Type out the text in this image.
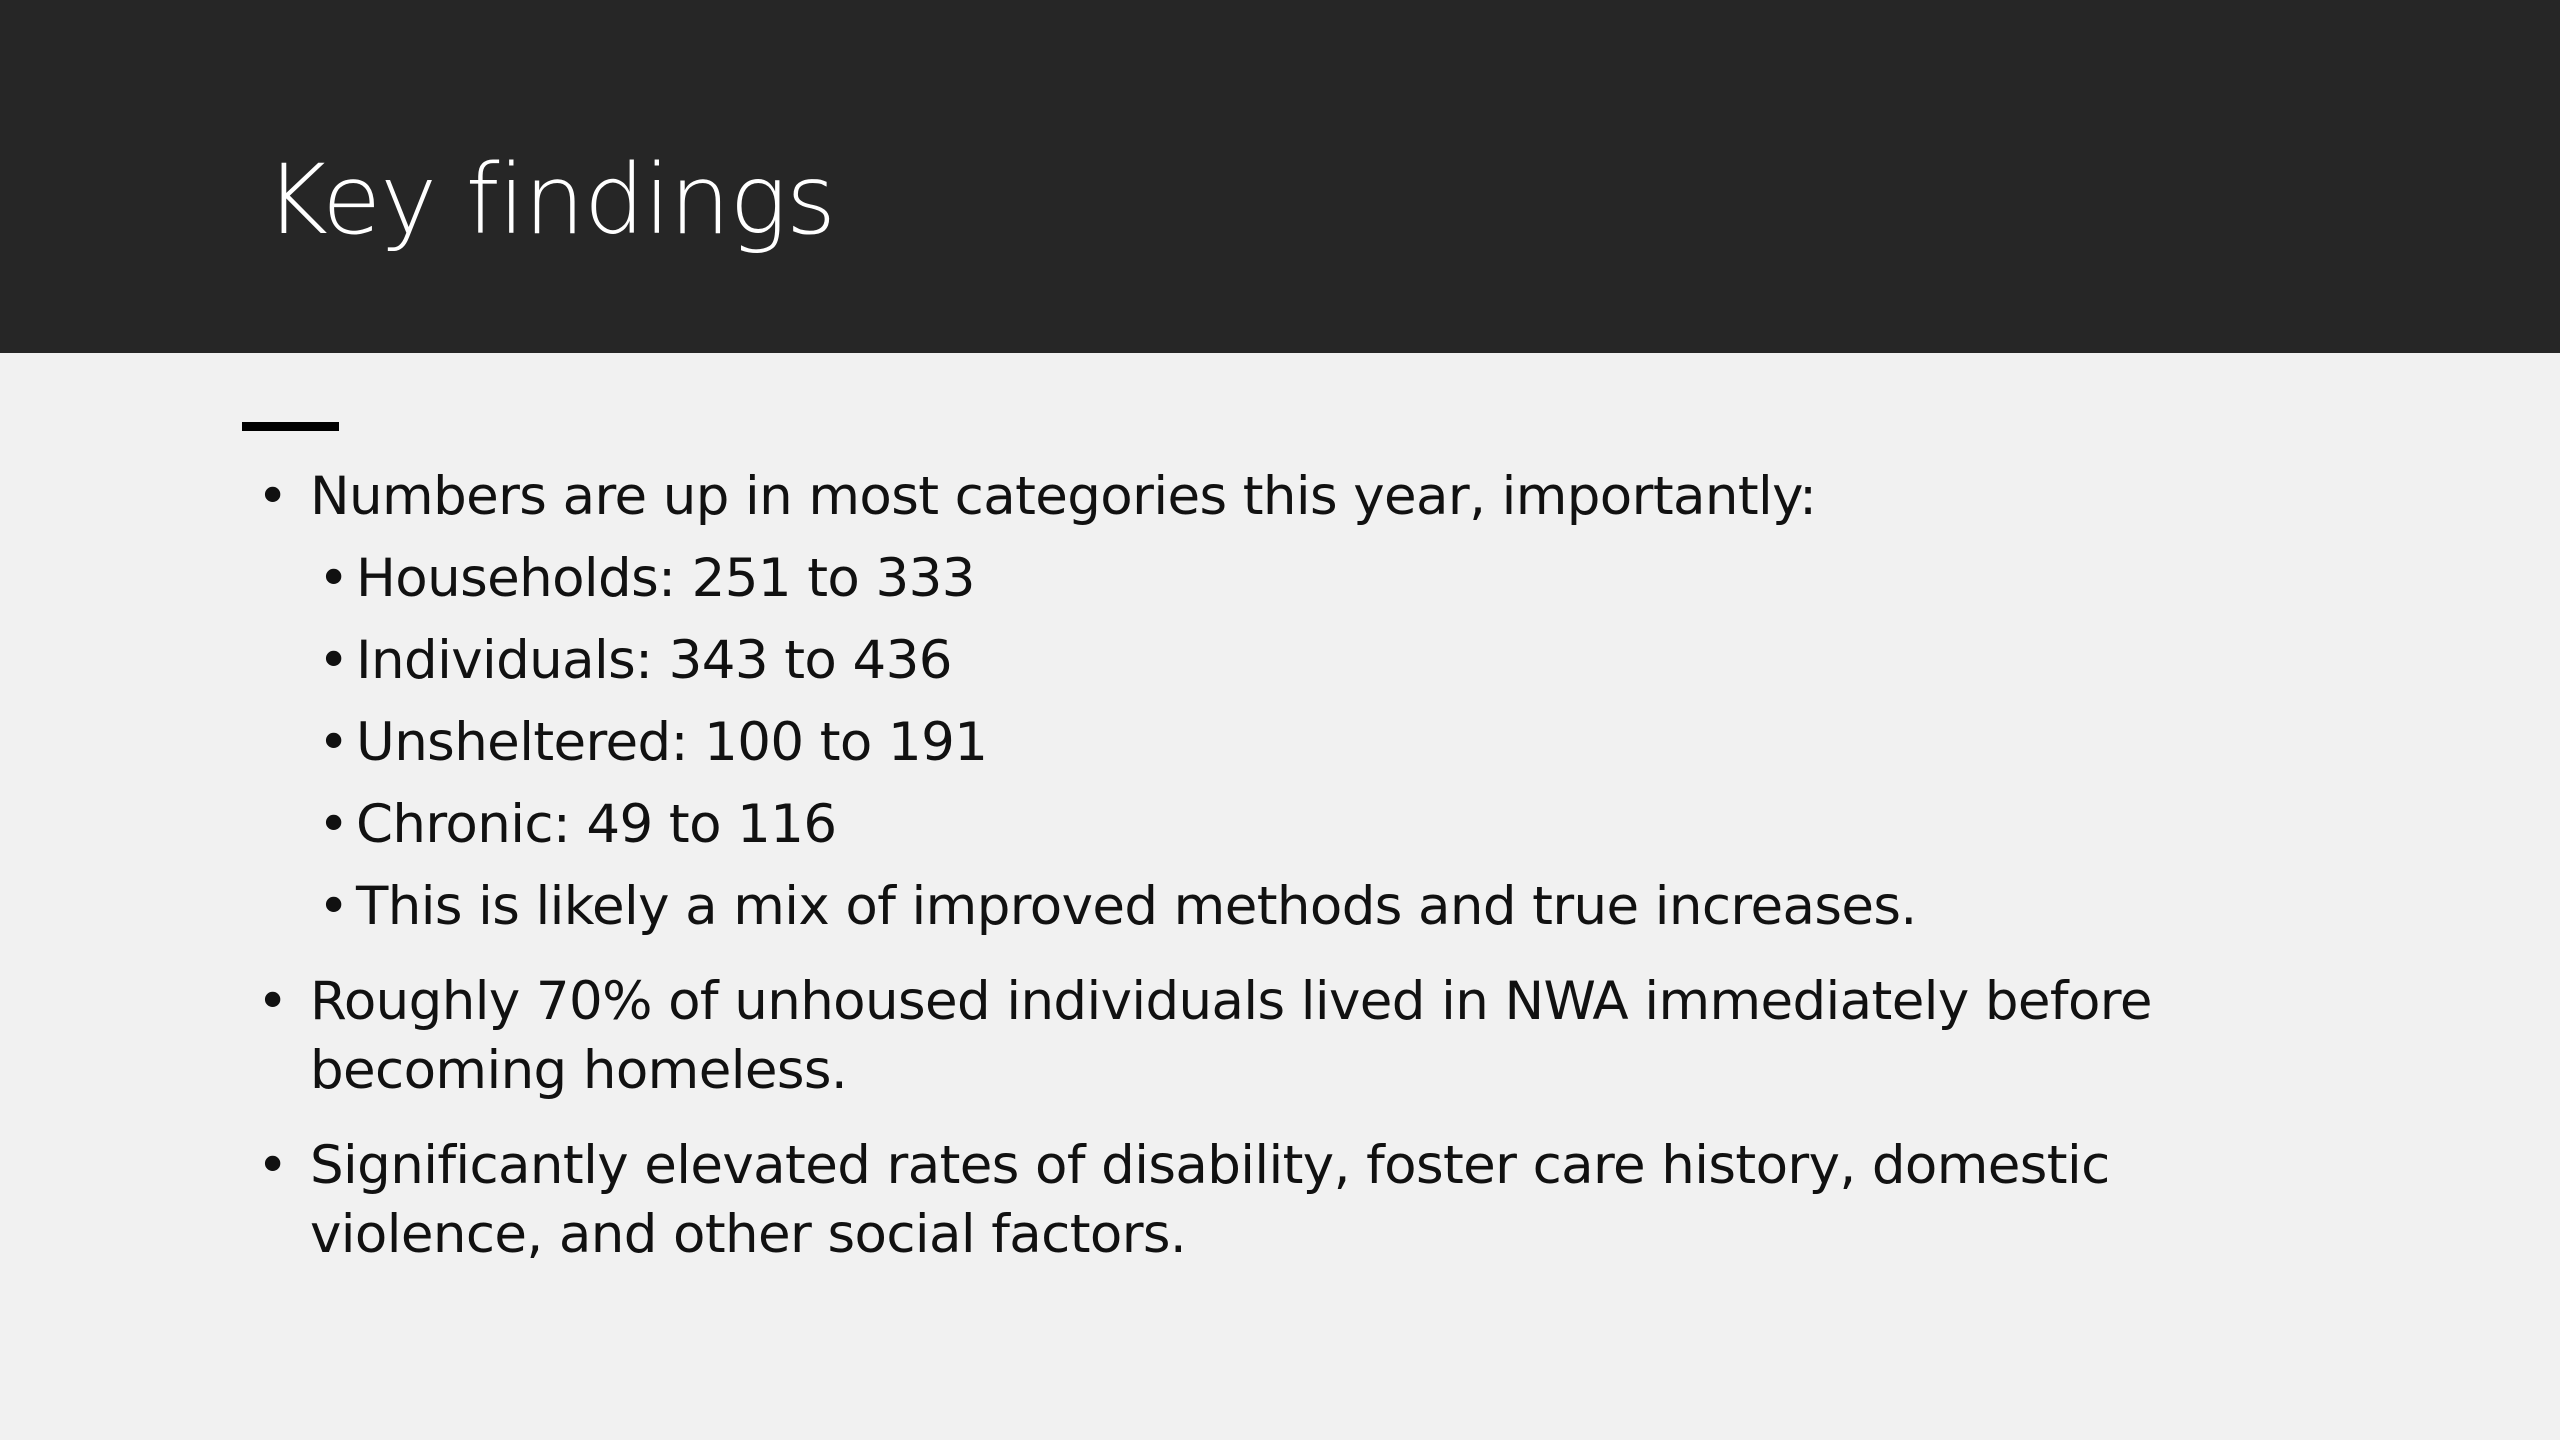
Key findings
• Numbers are up in most categories this year, importantly:
• Households: 251 to 333
• Individuals: 343 to 436
• Unsheltered: 100 to 191
• Chronic: 49 to 116
• This is likely a mix of improved methods and true increases.
• Roughly 70% of unhoused individuals lived in NWA immediately before becoming homeless.
• Significantly elevated rates of disability, foster care history, domestic violence, and other social factors.
